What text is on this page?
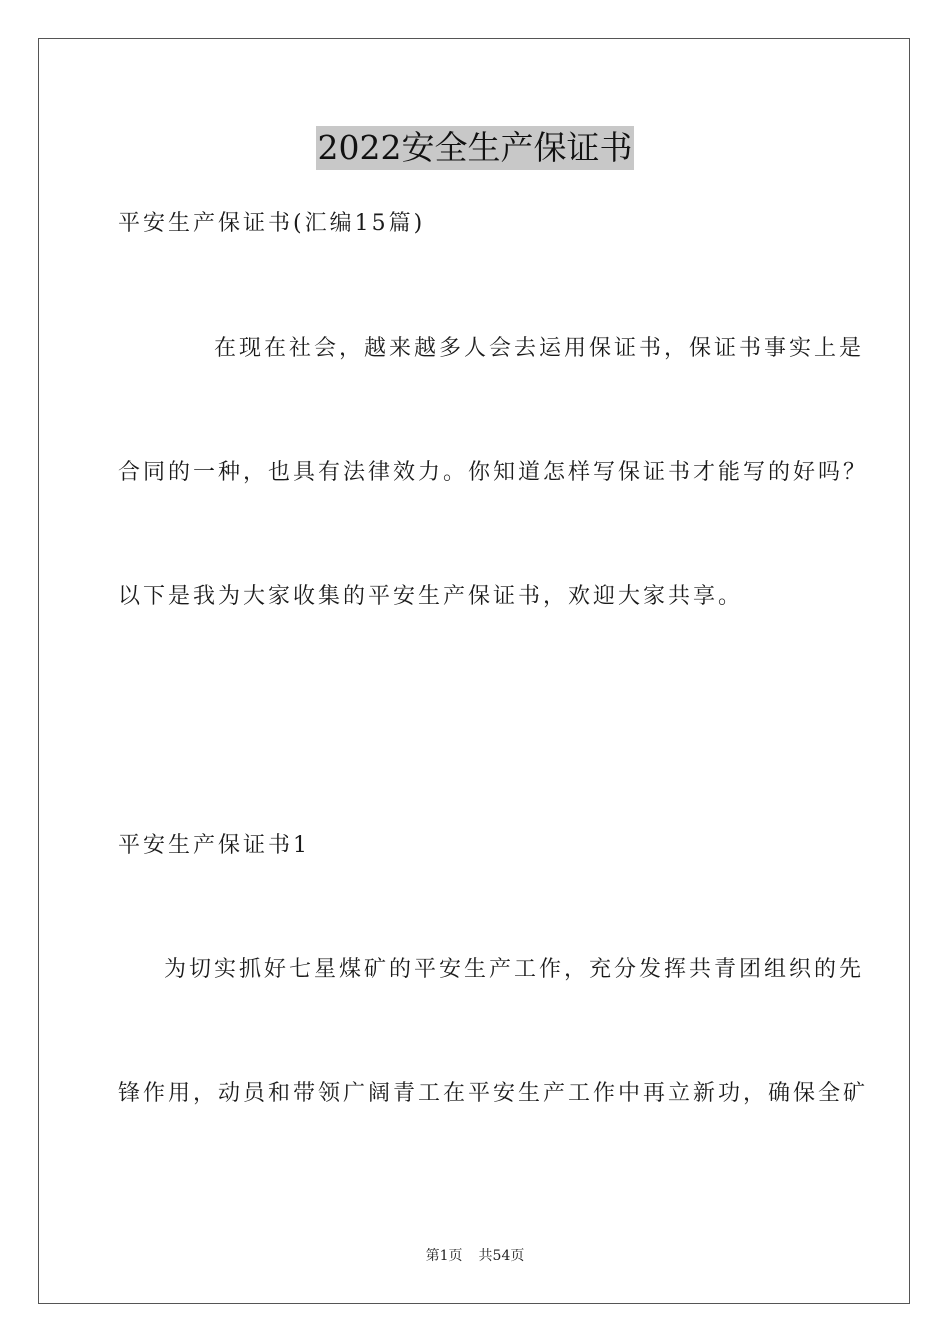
2022安全生产保证书
平安生产保证书(汇编15篇)
在现在社会，越来越多人会去运用保证书，保证书事实上是
合同的一种，也具有法律效力。你知道怎样写保证书才能写的好吗？
以下是我为大家收集的平安生产保证书，欢迎大家共享。
平安生产保证书1
为切实抓好七星煤矿的平安生产工作，充分发挥共青团组织的先
锋作用，动员和带领广阔青工在平安生产工作中再立新功，确保全矿
第1页 共54页
